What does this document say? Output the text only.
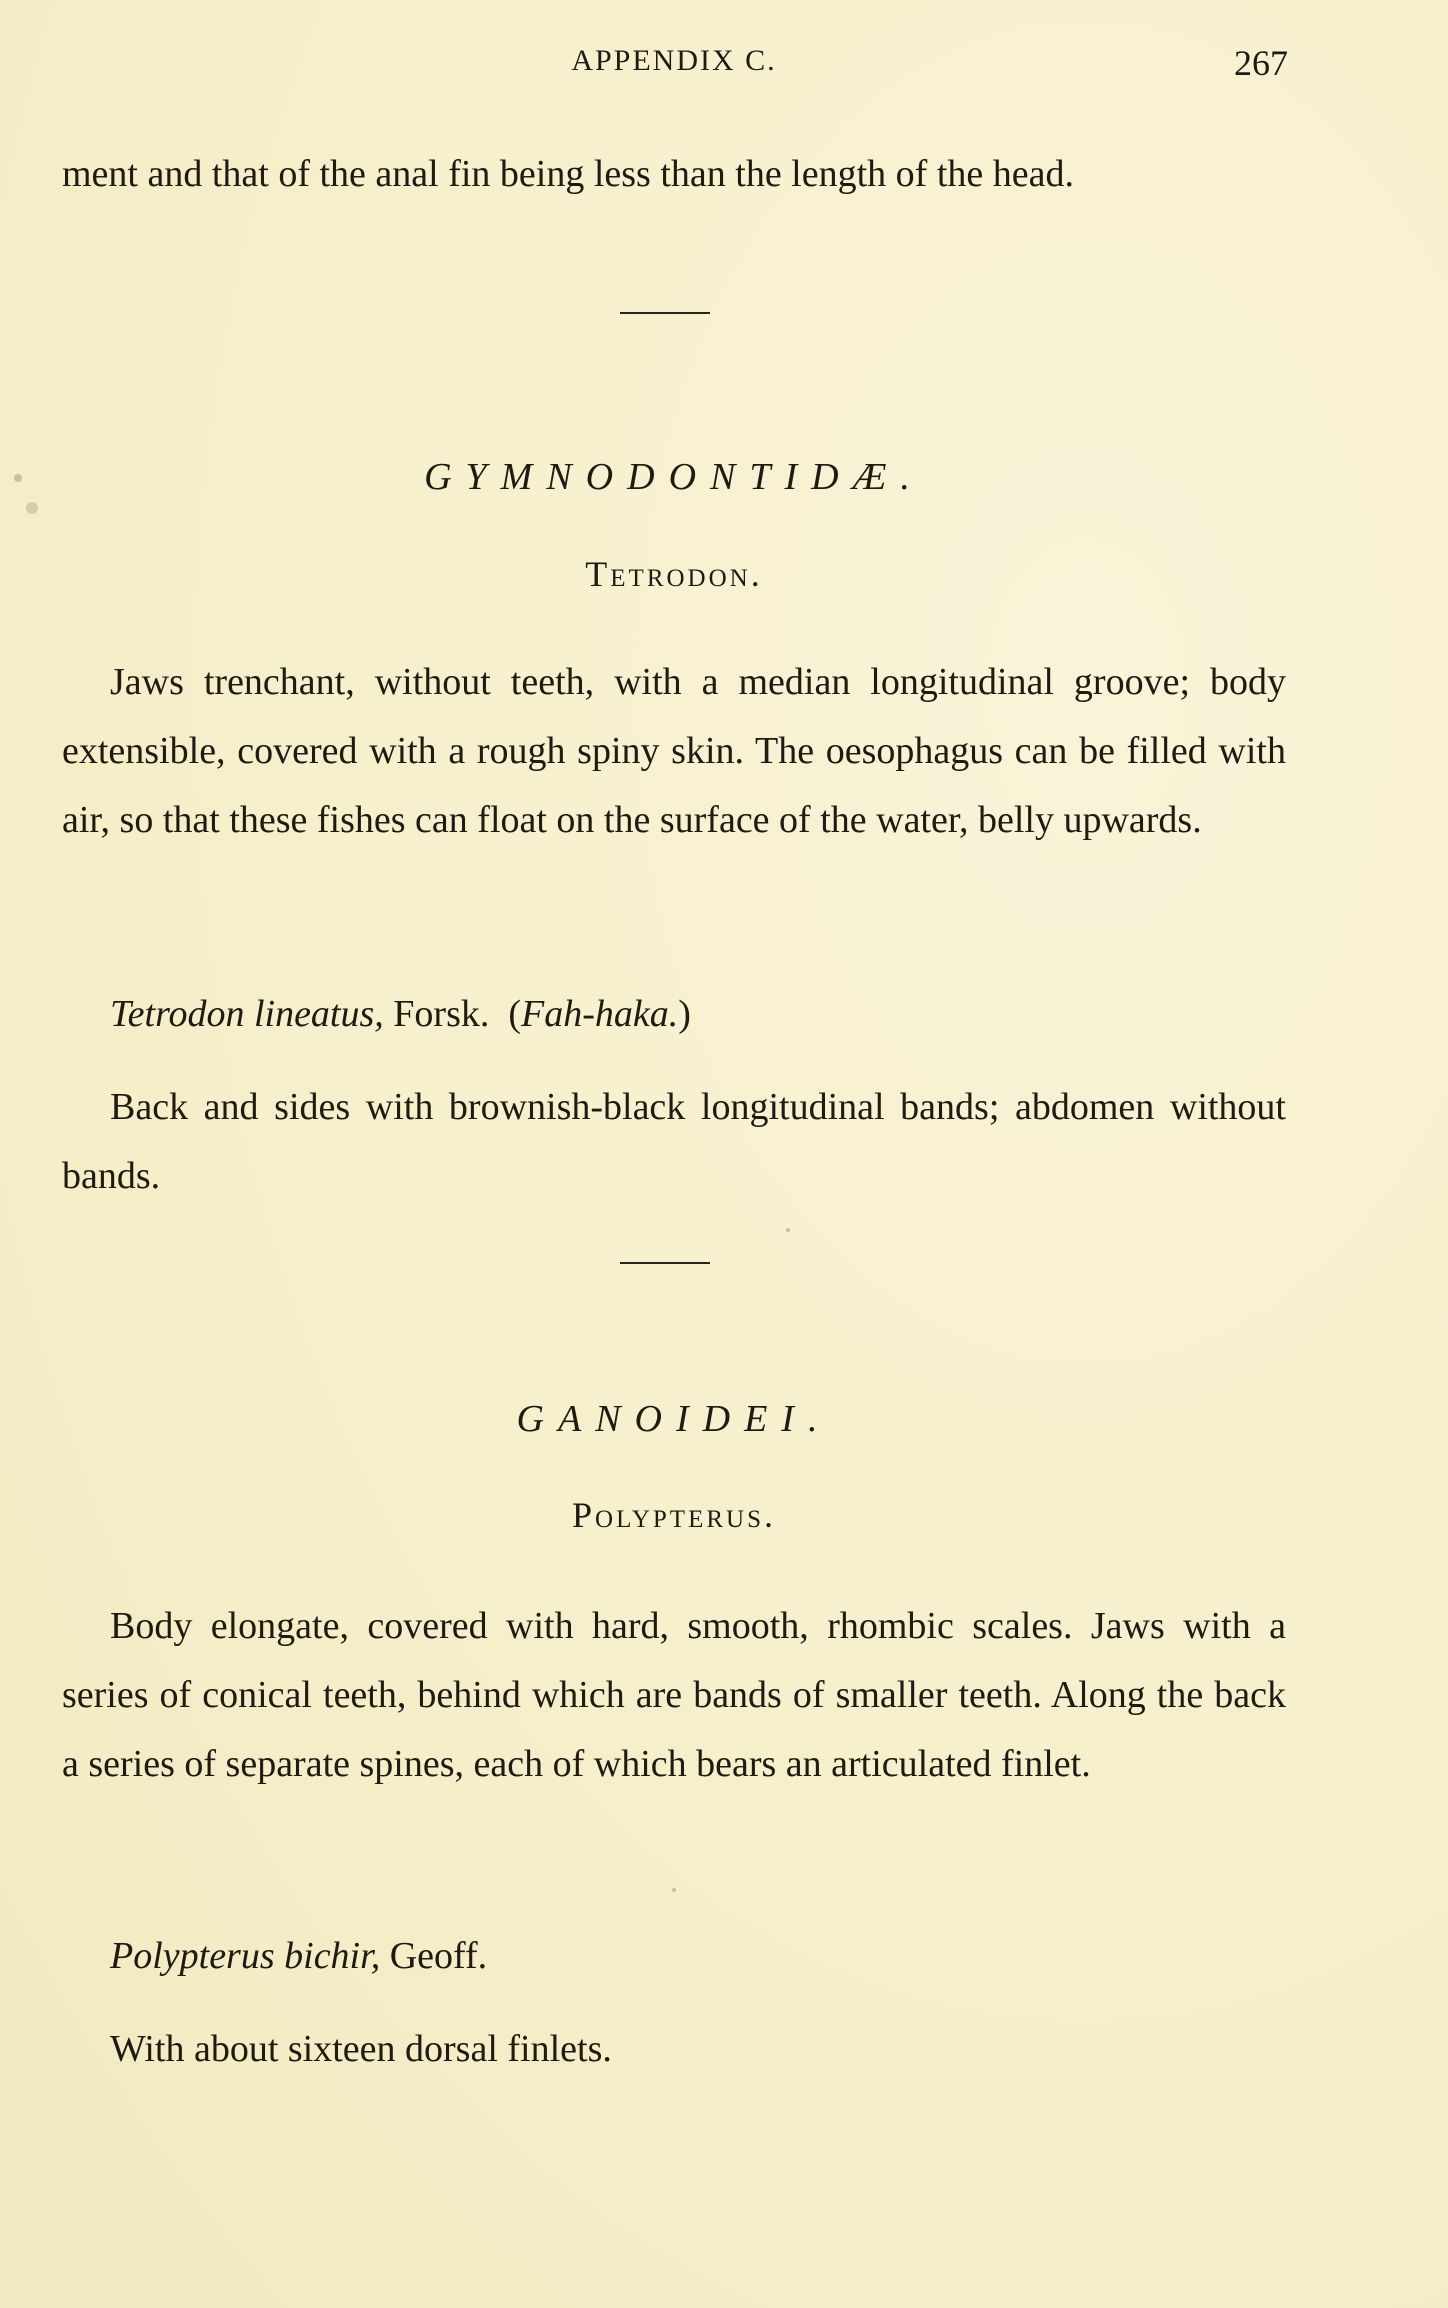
APPENDIX C.	267

ment and that of the anal fin being less than the length of the head.

GYMNODONTIDÆ.
Tetrodon.

Jaws trenchant, without teeth, with a median longitudinal groove; body extensible, covered with a rough spiny skin. The oesophagus can be filled with air, so that these fishes can float on the surface of the water, belly upwards.

Tetrodon lineatus, Forsk. (Fah-haka.)

Back and sides with brownish-black longitudinal bands; abdomen without bands.

GANOIDEI.
Polypterus.

Body elongate, covered with hard, smooth, rhombic scales. Jaws with a series of conical teeth, behind which are bands of smaller teeth. Along the back a series of separate spines, each of which bears an articulated finlet.

Polypterus bichir, Geoff.

With about sixteen dorsal finlets.
